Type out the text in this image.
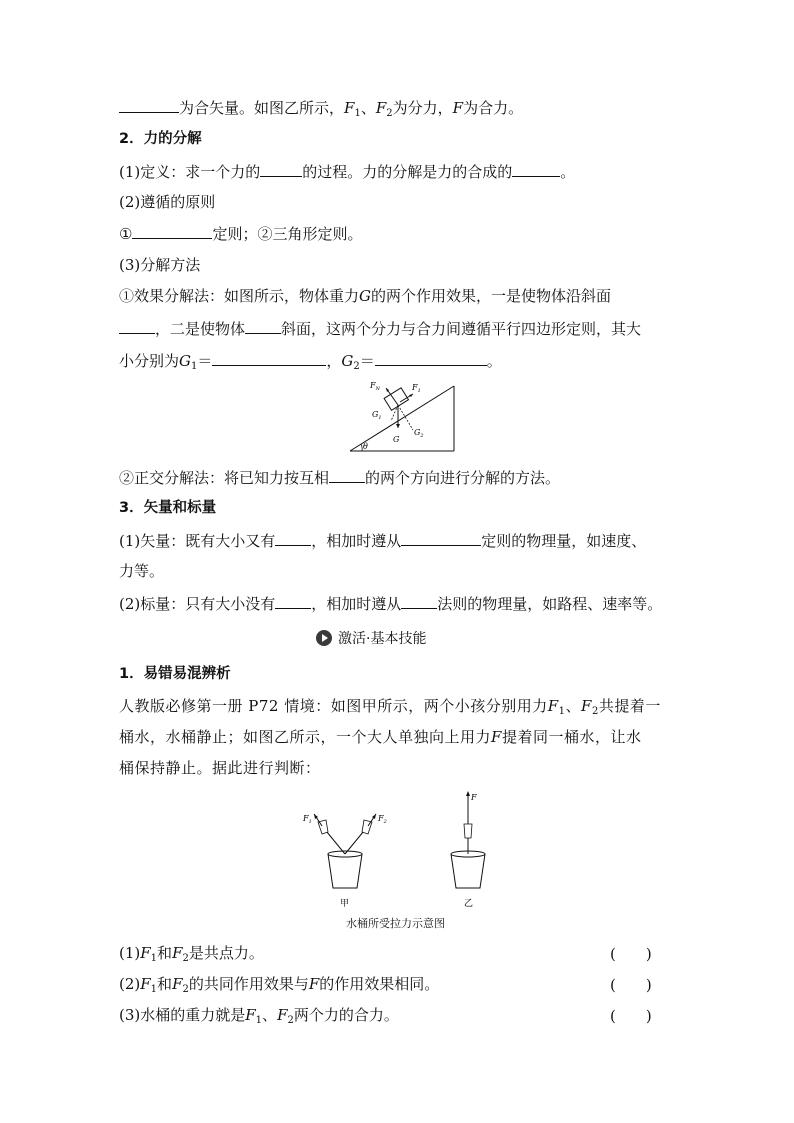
为合矢量。如图乙所示，$F_1$、$F_2$为分力，F为合力。
2．力的分解
(1)定义：求一个力的	的过程。力的分解是力的合成的	。
(2)遵循的原则
①	定则；②三角形定则。
(3)分解方法
①效果分解法：如图所示，物体重力G的两个作用效果，一是使物体沿斜面
，二是使物体 斜面，这两个分力与合力间遵循平行四边形定则，其大
小分别为$G_1=$	，$G_2=$	。
θ
$F_N$	$F_1$
$G_1$
G
$G_2$
②正交分解法：将已知力按互相 的两个方向进行分解的方法。
3．矢量和标量
(1)矢量：既有大小又有 ，相加时遵从	定则的物理量，如速度、
力等。
(2)标量：只有大小没有 ，相加时遵从 法则的物理量，如路程、速率等。
激活·基本技能
1．易错易混辨析
人教版必修第一册 P72 情境：如图甲所示，两个小孩分别用力$F_1$、$F_2$共提着一
桶水，水桶静止；如图乙所示，一个大人单独向上用力F提着同一桶水，让水
桶保持静止。据此进行判断：
$F_1$	$F_2$
甲
F
乙
水桶所受拉力示意图
$(1)F_1$和$F_2$是共点力。	(　　)
$(2)F_1$和$F_2$的共同作用效果与F的作用效果相同。	(　　)
(3)水桶的重力就是$F_1$、$F_2$两个力的合力。	(　　)
